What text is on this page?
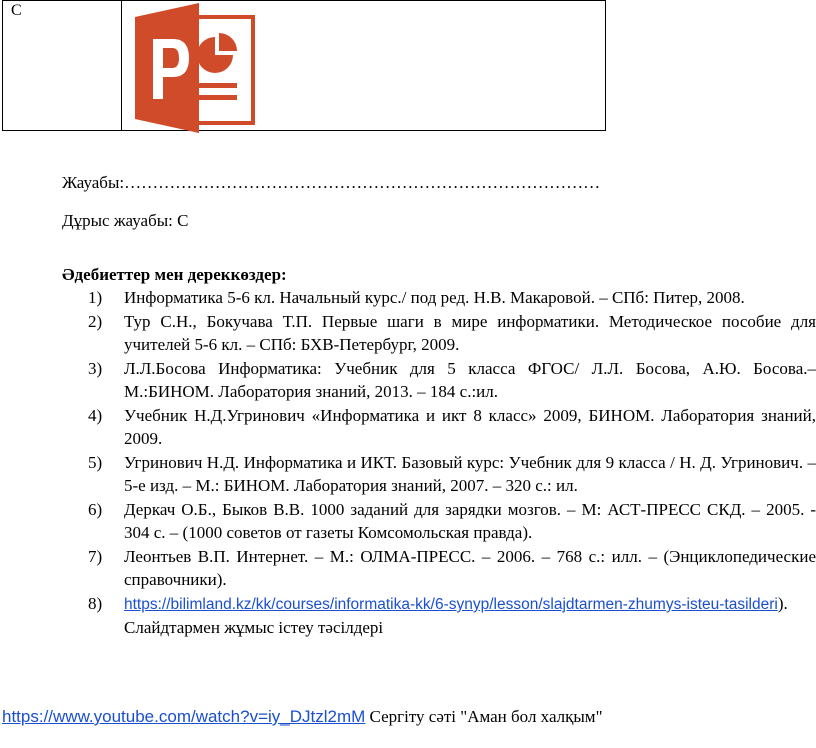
C
Жауабы:…………………………………………………………………………
Дұрыс жауабы: С
Әдебиеттер мен дереккөздер:
1) Информатика 5-6 кл. Начальный курс./ под ред. Н.В. Макаровой. – СПб: Питер, 2008.
2) Тур С.Н., Бокучава Т.П. Первые шаги в мире информатики. Методическое пособие для учителей 5-6 кл. – СПб: БХВ-Петербург, 2009.
3) Л.Л.Босова Информатика: Учебник для 5 класса ФГОС/ Л.Л. Босова, А.Ю. Босова.– М.:БИНОМ. Лаборатория знаний, 2013. – 184 с.:ил.
4) Учебник Н.Д.Угринович «Информатика и икт 8 класс» 2009, БИНОМ. Лаборатория знаний, 2009.
5) Угринович Н.Д. Информатика и ИКТ. Базовый курс: Учебник для 9 класса / Н. Д. Угринович. – 5-е изд. – М.: БИНОМ. Лаборатория знаний, 2007. – 320 с.: ил.
6) Деркач О.Б., Быков В.В. 1000 заданий для зарядки мозгов. – М: АСТ-ПРЕСС СКД. – 2005. - 304 с. – (1000 советов от газеты Комсомольская правда).
7) Леонтьев В.П. Интернет. – М.: ОЛМА-ПРЕСС. – 2006. – 768 с.: илл. – (Энциклопедические справочники).
8) https://bilimland.kz/kk/courses/informatika-kk/6-synyp/lesson/slajdtarmen-zhumys-isteu-tasilderi). Слайдтармен жұмыс істеу тәсілдері
https://www.youtube.com/watch?v=iy_DJtzl2mM Сергіту сәті "Аман бол халқым"
